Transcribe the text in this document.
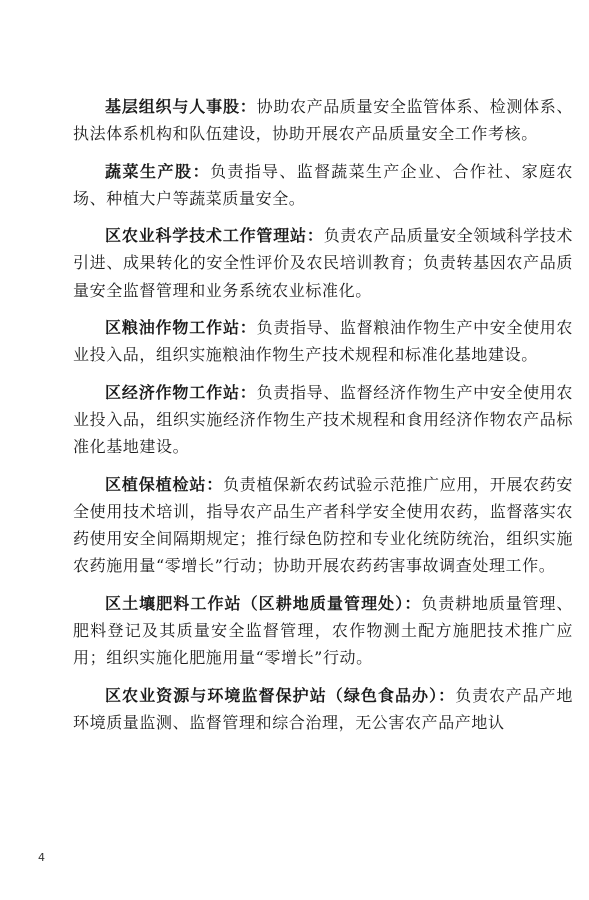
基层组织与人事股：协助农产品质量安全监管体系、检测体系、执法体系机构和队伍建设，协助开展农产品质量安全工作考核。

蔬菜生产股：负责指导、监督蔬菜生产企业、合作社、家庭农场、种植大户等蔬菜质量安全。

区农业科学技术工作管理站：负责农产品质量安全领域科学技术引进、成果转化的安全性评价及农民培训教育；负责转基因农产品质量安全监督管理和业务系统农业标准化。

区粮油作物工作站：负责指导、监督粮油作物生产中安全使用农业投入品，组织实施粮油作物生产技术规程和标准化基地建设。

区经济作物工作站：负责指导、监督经济作物生产中安全使用农业投入品，组织实施经济作物生产技术规程和食用经济作物农产品标准化基地建设。

区植保植检站：负责植保新农药试验示范推广应用，开展农药安全使用技术培训，指导农产品生产者科学安全使用农药，监督落实农药使用安全间隔期规定；推行绿色防控和专业化统防统治，组织实施农药施用量“零增长”行动；协助开展农药药害事故调查处理工作。

区土壤肥料工作站（区耕地质量管理处）：负责耕地质量管理、肥料登记及其质量安全监督管理，农作物测土配方施肥技术推广应用；组织实施化肥施用量“零增长”行动。

区农业资源与环境监督保护站（绿色食品办）：负责农产品产地环境质量监测、监督管理和综合治理，无公害农产品产地认

4
